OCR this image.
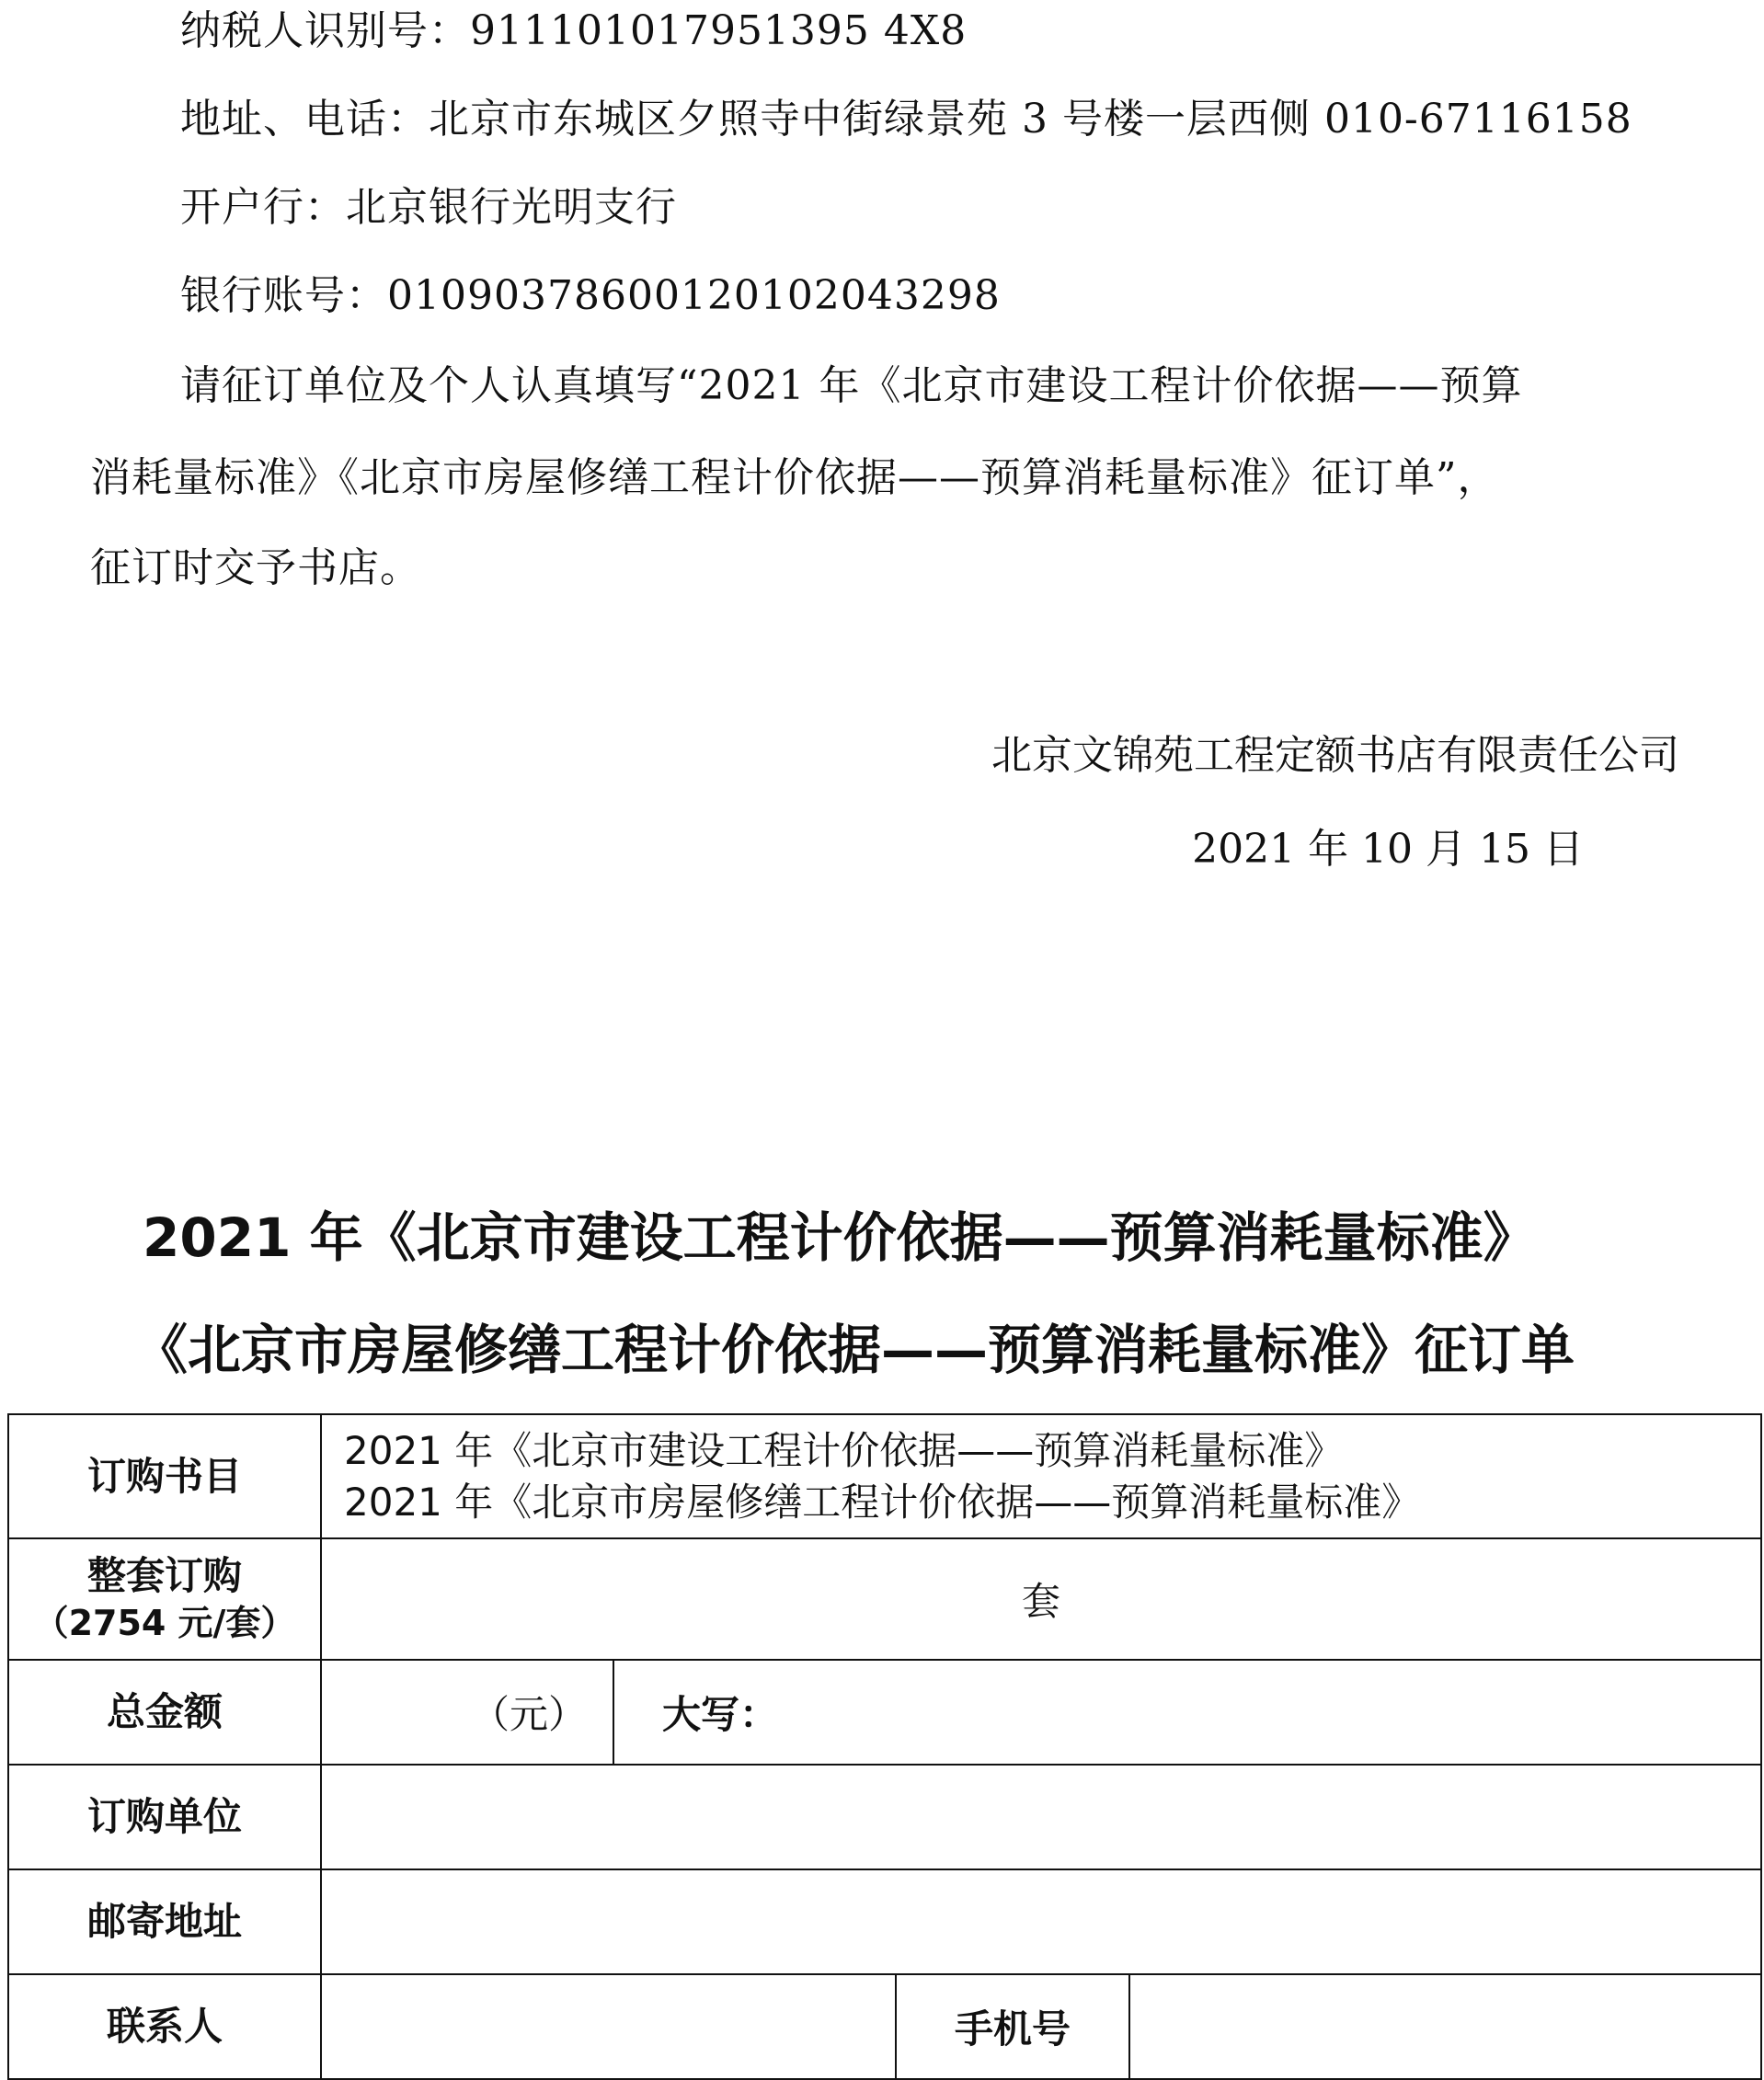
纳税人识别号：911101017951395 4X8
地址、电话：北京市东城区夕照寺中街绿景苑 3 号楼一层西侧 010-67116158
开户行：北京银行光明支行
银行账号：01090378600120102043298
请征订单位及个人认真填写“2021 年《北京市建设工程计价依据——预算
消耗量标准》《北京市房屋修缮工程计价依据——预算消耗量标准》征订单”，
征订时交予书店。
北京文锦苑工程定额书店有限责任公司
2021 年 10 月 15 日
2021 年《北京市建设工程计价依据——预算消耗量标准》
《北京市房屋修缮工程计价依据——预算消耗量标准》征订单
订购书目	2021 年《北京市建设工程计价依据——预算消耗量标准》
2021 年《北京市房屋修缮工程计价依据——预算消耗量标准》			

整套订购
（2754 元/套）	套			
总金额	（元）	大写：		
订购单位				
邮寄地址				
联系人			手机号	
